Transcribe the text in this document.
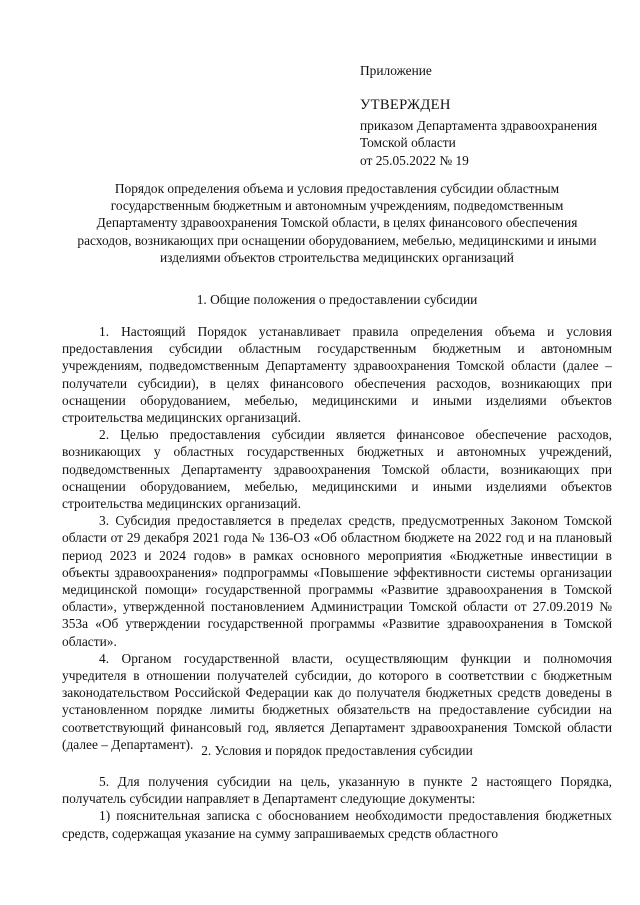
Приложение
УТВЕРЖДЕН
приказом Департамента здравоохранения
Томской области
от 25.05.2022 № 19
Порядок определения объема и условия предоставления субсидии областным
государственным бюджетным и автономным учреждениям, подведомственным
Департаменту здравоохранения Томской области, в целях финансового обеспечения
расходов, возникающих при оснащении оборудованием, мебелью, медицинскими и иными
изделиями объектов строительства медицинских организаций
1. Общие положения о предоставлении субсидии

1. Настоящий Порядок устанавливает правила определения объема и условия предоставления субсидии областным государственным бюджетным и автономным учреждениям, подведомственным Департаменту здравоохранения Томской области (далее – получатели субсидии), в целях финансового обеспечения расходов, возникающих при оснащении оборудованием, мебелью, медицинскими и иными изделиями объектов строительства медицинских организаций.

2. Целью предоставления субсидии является финансовое обеспечение расходов, возникающих у областных государственных бюджетных и автономных учреждений, подведомственных Департаменту здравоохранения Томской области, возникающих при оснащении оборудованием, мебелью, медицинскими и иными изделиями объектов строительства медицинских организаций.

3. Субсидия предоставляется в пределах средств, предусмотренных Законом Томской области от 29 декабря 2021 года № 136-ОЗ «Об областном бюджете на 2022 год и на плановый период 2023 и 2024 годов» в рамках основного мероприятия «Бюджетные инвестиции в объекты здравоохранения» подпрограммы «Повышение эффективности системы организации медицинской помощи» государственной программы «Развитие здравоохранения в Томской области», утвержденной постановлением Администрации Томской области от 27.09.2019 № 353а «Об утверждении государственной программы «Развитие здравоохранения в Томской области».

4. Органом государственной власти, осуществляющим функции и полномочия учредителя в отношении получателей субсидии, до которого в соответствии с бюджетным законодательством Российской Федерации как до получателя бюджетных средств доведены в установленном порядке лимиты бюджетных обязательств на предоставление субсидии на соответствующий финансовый год, является Департамент здравоохранения Томской области (далее – Департамент). 2. Условия и порядок предоставления субсидии

5. Для получения субсидии на цель, указанную в пункте 2 настоящего Порядка, получатель субсидии направляет в Департамент следующие документы:

1) пояснительная записка с обоснованием необходимости предоставления бюджетных средств, содержащая указание на сумму запрашиваемых средств областного
